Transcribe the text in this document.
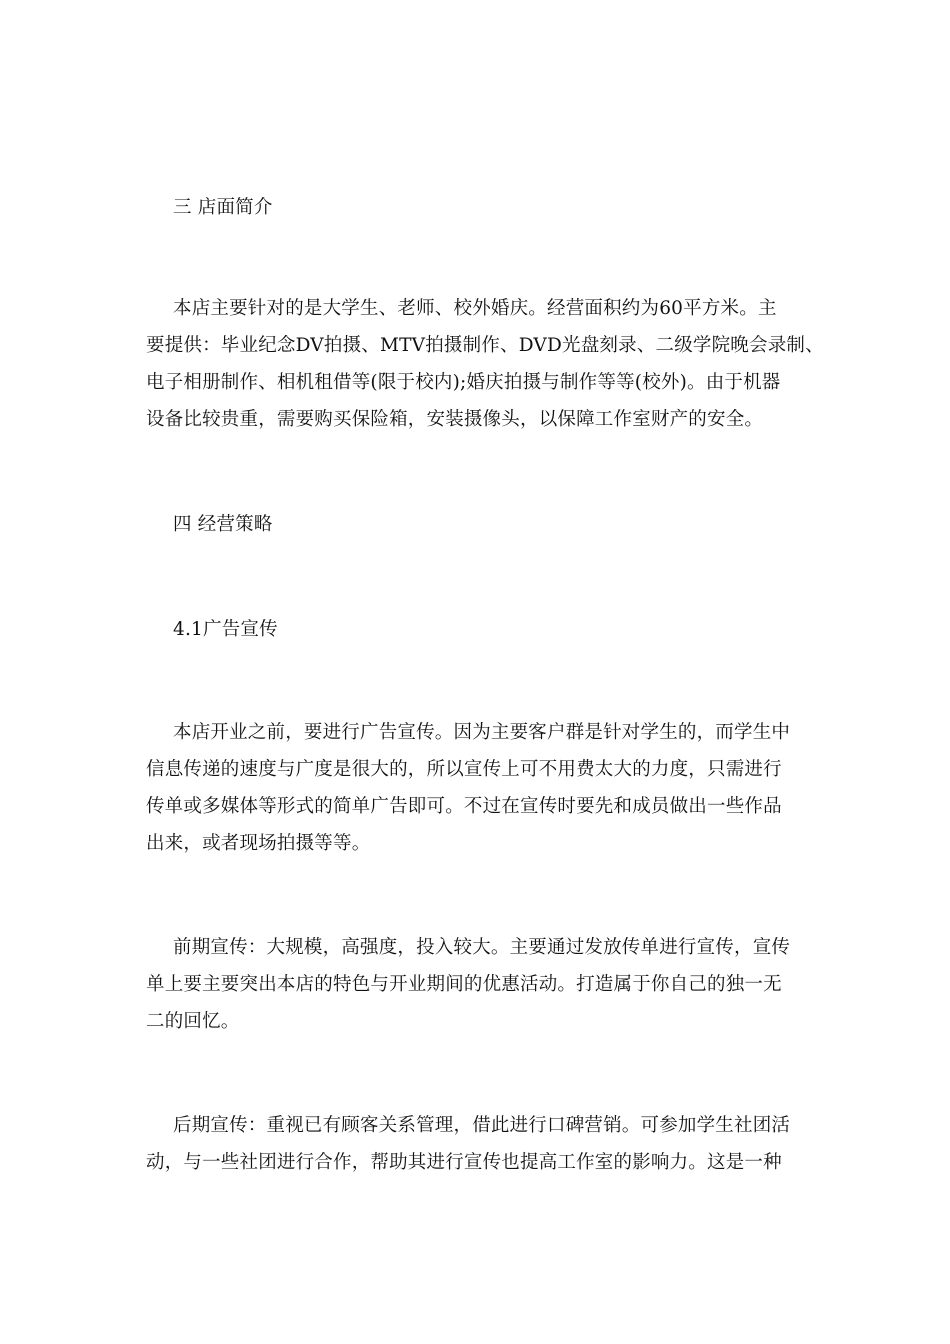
三 店面简介
本店主要针对的是大学生、老师、校外婚庆。经营面积约为60平方米。主
要提供：毕业纪念DV拍摄、MTV拍摄制作、DVD光盘刻录、二级学院晚会录制、
电子相册制作、相机租借等(限于校内);婚庆拍摄与制作等等(校外)。由于机器
设备比较贵重，需要购买保险箱，安装摄像头，以保障工作室财产的安全。
四 经营策略
4.1广告宣传
本店开业之前，要进行广告宣传。因为主要客户群是针对学生的，而学生中
信息传递的速度与广度是很大的，所以宣传上可不用费太大的力度，只需进行
传单或多媒体等形式的简单广告即可。不过在宣传时要先和成员做出一些作品
出来，或者现场拍摄等等。
前期宣传：大规模，高强度，投入较大。主要通过发放传单进行宣传，宣传
单上要主要突出本店的特色与开业期间的优惠活动。打造属于你自己的独一无
二的回忆。
后期宣传：重视已有顾客关系管理，借此进行口碑营销。可参加学生社团活
动，与一些社团进行合作，帮助其进行宣传也提高工作室的影响力。这是一种
